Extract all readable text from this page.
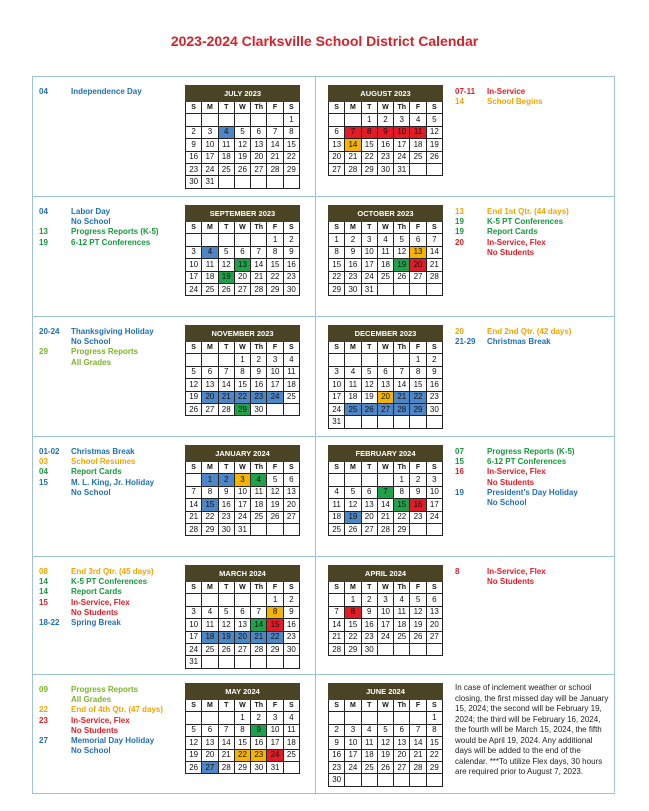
2023-2024 Clarksville School District Calendar
04	Independence Day	JULY 2023						
S	M	T	W	Th	F	S
						1
2	3	4	5	6	7	8
9	10	11	12	13	14	15
16	17	18	19	20	21	22
23	24	25	26	27	28	29
30	31					
AUGUST 2023						
S	M	T	W	Th	F	S
		1	2	3	4	5
6	7	8	9	10	11	12
13	14	15	16	17	18	19
20	21	22	23	24	25	26
27	28	29	30	31		
07-11	In-Service
14	School Begins
04	Labor Day
No School
13	Progress Reports (K-5)
19	6-12 PT Conferences
SEPTEMBER 2023						
S	M	T	W	Th	F	S
					1	2
3	4	5	6	7	8	9
10	11	12	13	14	15	16
17	18	19	20	21	22	23
24	25	26	27	28	29	30
OCTOBER 2023						
S	M	T	W	Th	F	S
1	2	3	4	5	6	7
8	9	10	11	12	13	14
15	16	17	18	19	20	21
22	23	24	25	26	27	28
29	30	31				
13	End 1st Qtr. (44 days)
19	K-5 PT Conferences
19	Report Cards
20	In-Service, Flex
No Students
20-24	Thanksgiving Holiday
No School
29	Progress Reports
All Grades
NOVEMBER 2023						
S	M	T	W	Th	F	S
			1	2	3	4
5	6	7	8	9	10	11
12	13	14	15	16	17	18
19	20	21	22	23	24	25
26	27	28	29	30		
DECEMBER 2023						
S	M	T	W	Th	F	S
					1	2
3	4	5	6	7	8	9
10	11	12	13	14	15	16
17	18	19	20	21	22	23
24	25	26	27	28	29	30
31						
20	End 2nd Qtr. (42 days)
21-29	Christmas Break
01-02	Christmas Break
03	School Resumes
04	Report Cards
15	M. L. King, Jr. Holiday
No School
JANUARY 2024						
S	M	T	W	Th	F	S
	1	2	3	4	5	6
7	8	9	10	11	12	13
14	15	16	17	18	19	20
21	22	23	24	25	26	27
28	29	30	31			
FEBRUARY 2024						
S	M	T	W	Th	F	S
				1	2	3
4	5	6	7	8	9	10
11	12	13	14	15	16	17
18	19	20	21	22	23	24
25	26	27	28	29		
07	Progress Reports (K-5)
15	6-12 PT Conferences
16	In-Service, Flex
No Students
19	President's Day Holiday
No School
08	End 3rd Qtr. (45 days)
14	K-5 PT Conferences
14	Report Cards
15	In-Service, Flex
No Students
18-22	Spring Break
MARCH 2024						
S	M	T	W	Th	F	S
					1	2
3	4	5	6	7	8	9
10	11	12	13	14	15	16
17	18	19	20	21	22	23
24	25	26	27	28	29	30
31						
APRIL 2024						
S	M	T	W	Th	F	S
	1	2	3	4	5	6
7	8	9	10	11	12	13
14	15	16	17	18	19	20
21	22	23	24	25	26	27
28	29	30				
8	In-Service, Flex
No Students
09	Progress Reports
All Grades
22	End of 4th Qtr. (47 days)
23	In-Service, Flex
No Students
27	Memorial Day Holiday
No School
MAY 2024						
S	M	T	W	Th	F	S
			1	2	3	4
5	6	7	8	9	10	11
12	13	14	15	16	17	18
19	20	21	22	23	24	25
26	27	28	29	30	31	
JUNE 2024						
S	M	T	W	Th	F	S
						1
2	3	4	5	6	7	8
9	10	11	12	13	14	15
16	17	18	19	20	21	22
23	24	25	26	27	28	29
30						
In case of inclement weather or school closing, the first missed day will be January 15, 2024; the second will be February 19, 2024; the third will be February 16, 2024, the fourth will be March 15, 2024, the fifth would be April 19, 2024. Any additional days will be added to the end of the calendar. ***To utilize Flex days, 30 hours are required prior to August 7, 2023.
